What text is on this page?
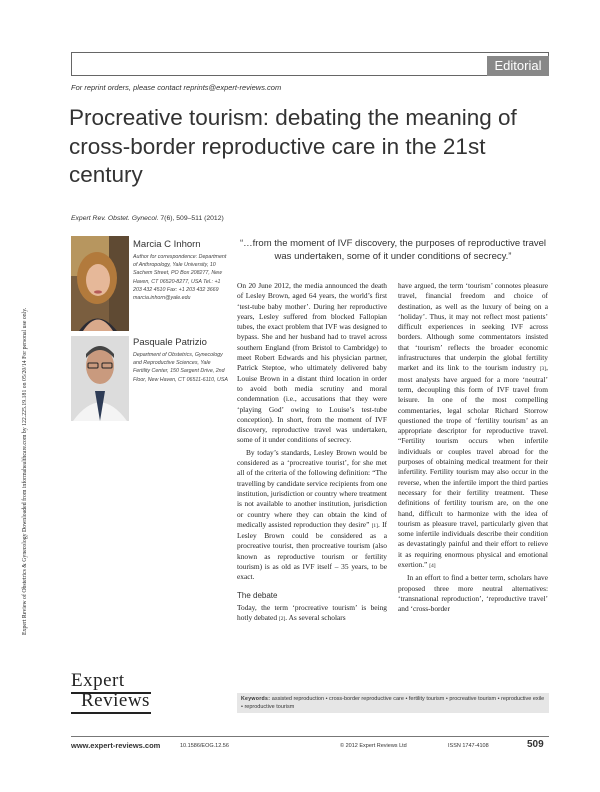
Editorial
For reprint orders, please contact reprints@expert-reviews.com
Expert Review of Obstetrics & Gynecology Downloaded from informahealthcare.com by 122.225.19.181 on 05/20/14 For personal use only.
Procreative tourism: debating the meaning of cross-border reproductive care in the 21st century
Expert Rev. Obstet. Gynecol. 7(6), 509–511 (2012)
Marcia C Inhorn
Author for correspondence: Department of Anthropology, Yale University, 10 Sachem Street, PO Box 208277, New Haven, CT 06520-8277, USA Tel.: +1 203 432 4510 Fax: +1 203 432 3669 marcia.inhorn@yale.edu
Pasquale Patrizio
Department of Obstetrics, Gynecology and Reproductive Sciences, Yale Fertility Center, 150 Sargent Drive, 2nd Floor, New Haven, CT 06511-6110, USA
“…from the moment of IVF discovery, the purposes of reproductive travel was undertaken, some of it under conditions of secrecy.”

On 20 June 2012, the media announced the death of Lesley Brown, aged 64 years, the world’s first ‘test-tube baby mother’. During her reproductive years, Lesley suffered from blocked Fallopian tubes, the exact problem that IVF was designed to bypass. She and her husband had to travel across southern England (from Bristol to Cambridge) to meet Robert Edwards and his physician partner, Patrick Steptoe, who ultimately delivered baby Louise Brown in a distant third location in order to avoid both media scrutiny and moral condemnation (i.e., accusations that they were ‘playing God’ owing to Louise’s test-tube conception). In short, from the moment of IVF discovery, reproductive travel was undertaken, some of it under conditions of secrecy.

By today’s standards, Lesley Brown would be considered as a ‘procreative tourist’, for she met all of the criteria of the following definition: “The travelling by candidate service recipients from one institution, jurisdiction or country where treatment is not available to another institution, jurisdiction or country where they can obtain the kind of medically assisted reproduction they desire” [1]. If Lesley Brown could be considered as a procreative tourist, then procreative tourism (also known as reproductive tourism or fertility tourism) is as old as IVF itself – 35 years, to be exact.

The debate

Today, the term ‘procreative tourism’ is being hotly debated [2]. As several scholars

have argued, the term ‘tourism’ connotes pleasure travel, financial freedom and choice of destination, as well as the luxury of being on a ‘holiday’. Thus, it may not reflect most patients’ difficult experiences in seeking IVF across borders. Although some commentators insisted that ‘tourism’ reflects the broader economic infrastructures that underpin the global fertility market and its link to the tourism industry [3], most analysts have argued for a more ‘neutral’ term, decoupling this form of IVF travel from leisure. In one of the most compelling commentaries, legal scholar Richard Storrow questioned the trope of ‘fertility tourism’ as an appropriate descriptor for reproductive travel. “Fertility tourism occurs when infertile individuals or couples travel abroad for the purposes of obtaining medical treatment for their infertility. Fertility tourism may also occur in the reverse, when the infertile import the third parties necessary for their fertility treatment. These definitions of fertility tourism are, on the one hand, difficult to harmonize with the idea of tourism as pleasure travel, particularly given that some infertile individuals describe their condition as devastatingly painful and their effort to relieve it as requiring enormous physical and emotional exertion.” [4]

In an effort to find a better term, scholars have proposed three more neutral alternatives: ‘transnational reproduction’, ‘reproductive travel’ and ‘cross-border

Expert
Reviews	Keywords: assisted reproduction • cross-border reproductive care • fertility tourism • procreative tourism • reproductive exile • reproductive tourism
www.expert-reviews.com	10.1586/EOG.12.56	© 2012 Expert Reviews Ltd	ISSN 1747-4108	509
